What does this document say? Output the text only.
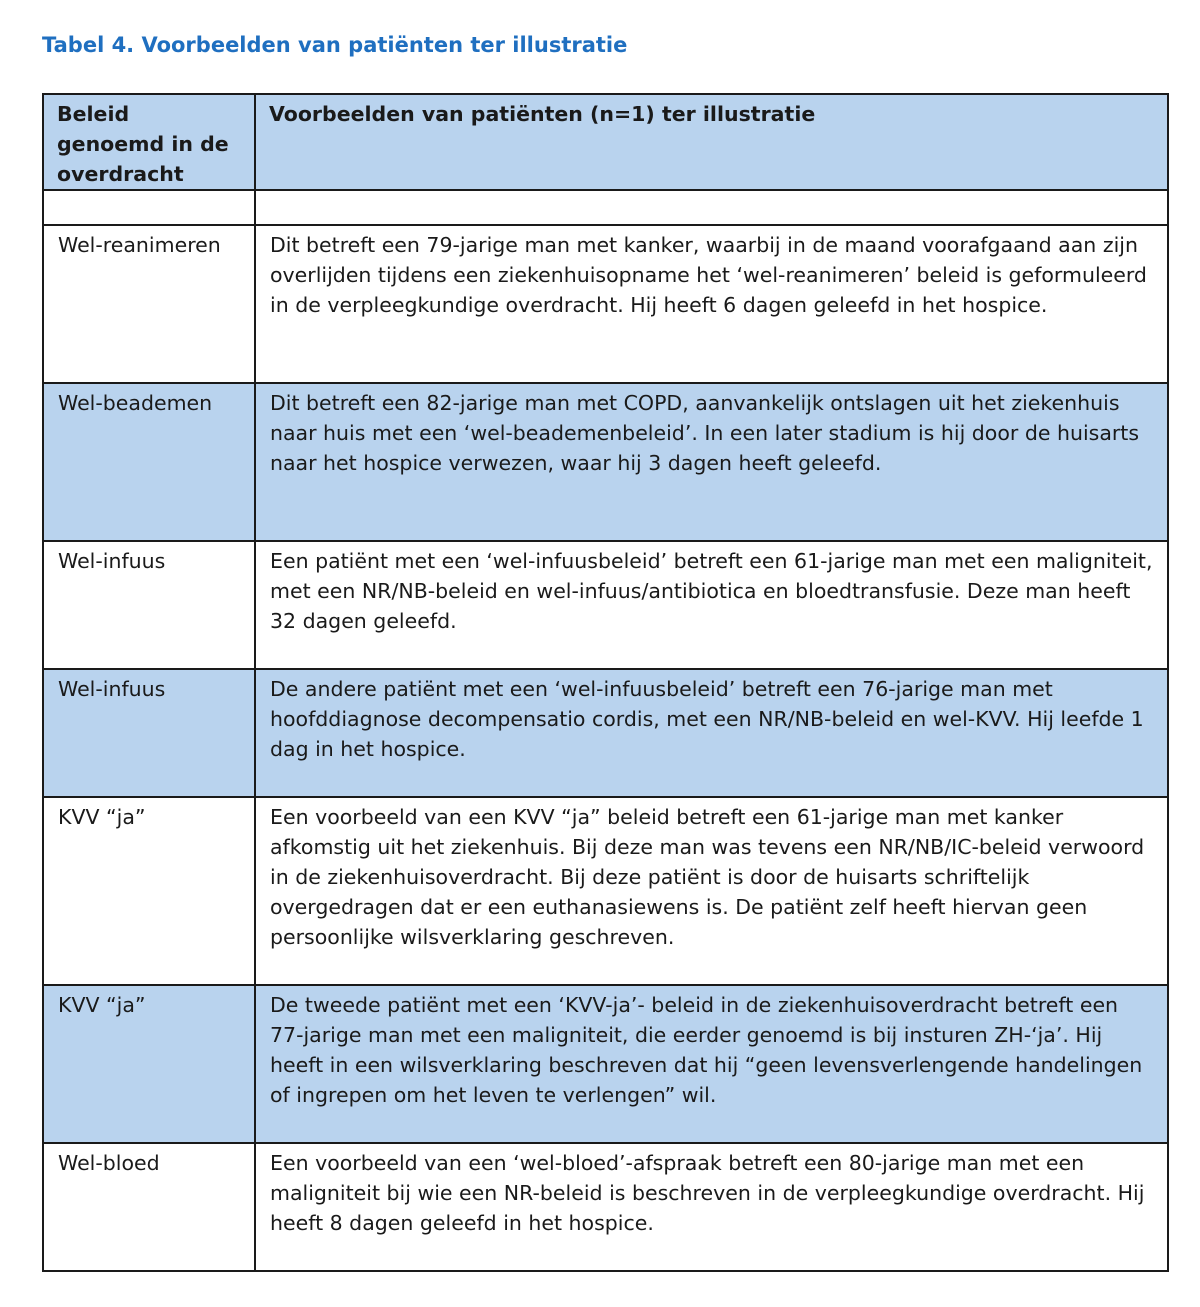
Tabel 4. Voorbeelden van patiënten ter illustratie
Beleid genoemd in de overdracht	Voorbeelden van patiënten (n=1) ter illustratie

Wel-reanimeren	Dit betreft een 79-jarige man met kanker, waarbij in de maand voorafgaand aan zijn overlijden tijdens een ziekenhuisopname het ‘wel-reanimeren’ beleid is geformuleerd in de verpleegkundige overdracht. Hij heeft 6 dagen geleefd in het hospice.
Wel-beademen	Dit betreft een 82-jarige man met COPD, aanvankelijk ontslagen uit het ziekenhuis naar huis met een ‘wel-beademenbeleid’. In een later stadium is hij door de huisarts naar het hospice verwezen, waar hij 3 dagen heeft geleefd.
Wel-infuus	Een patiënt met een ‘wel-infuusbeleid’ betreft een 61-jarige man met een maligniteit, met een NR/NB-beleid en wel-infuus/antibiotica en bloedtransfusie. Deze man heeft 32 dagen geleefd.
Wel-infuus	De andere patiënt met een ‘wel-infuusbeleid’ betreft een 76-jarige man met hoofddiagnose decompensatio cordis, met een NR/NB-beleid en wel-KVV. Hij leefde 1 dag in het hospice.
KVV “ja”	Een voorbeeld van een KVV “ja” beleid betreft een 61-jarige man met kanker afkomstig uit het ziekenhuis. Bij deze man was tevens een NR/NB/IC-beleid verwoord in de ziekenhuisoverdracht. Bij deze patiënt is door de huisarts schriftelijk overgedragen dat er een euthanasiewens is. De patiënt zelf heeft hiervan geen persoonlijke wilsverklaring geschreven.
KVV “ja”	De tweede patiënt met een ‘KVV-ja’- beleid in de ziekenhuisoverdracht betreft een 77-jarige man met een maligniteit, die eerder genoemd is bij insturen ZH-‘ja’. Hij heeft in een wilsverklaring beschreven dat hij “geen levensverlengende handelingen of ingrepen om het leven te verlengen” wil.
Wel-bloed	Een voorbeeld van een ‘wel-bloed’-afspraak betreft een 80-jarige man met een maligniteit bij wie een NR-beleid is beschreven in de verpleegkundige overdracht. Hij heeft 8 dagen geleefd in het hospice.
